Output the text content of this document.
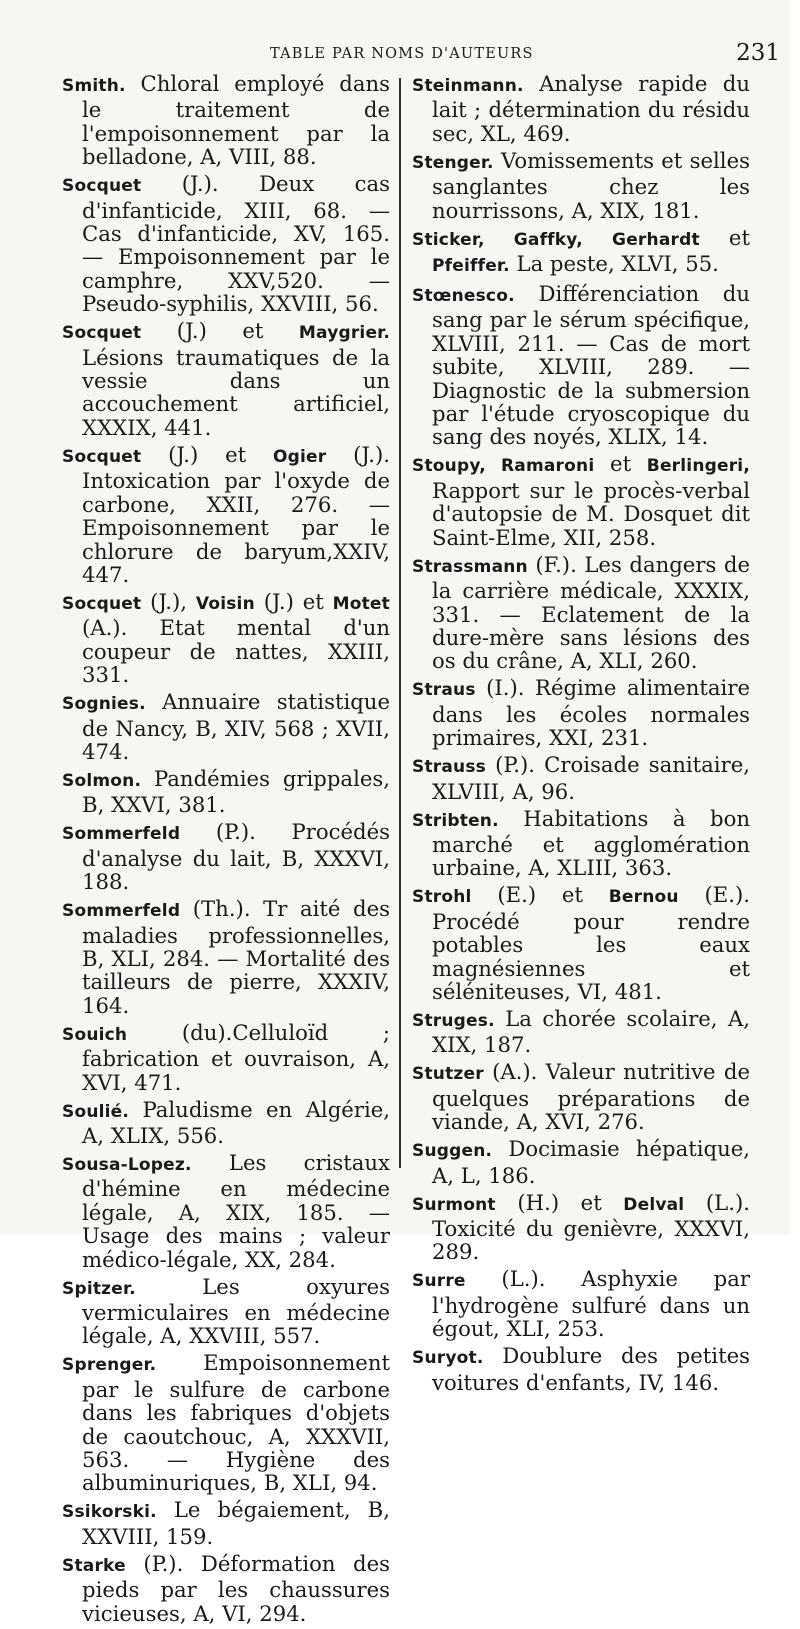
TABLE PAR NOMS D'AUTEURS	231

Smith. Chloral employé dans le traitement de l'empoisonnement par la belladone, A, VIII, 88.

Socquet (J.). Deux cas d'infanticide, XIII, 68. — Cas d'infanticide, XV, 165. — Empoisonnement par le camphre, XXV,520. — Pseudo-syphilis, XXVIII, 56.

Socquet (J.) et Maygrier. Lésions traumatiques de la vessie dans un accouchement artificiel, XXXIX, 441.

Socquet (J.) et Ogier (J.). Intoxication par l'oxyde de carbone, XXII, 276. — Empoisonnement par le chlorure de baryum,XXIV, 447.

Socquet (J.), Voisin (J.) et Motet (A.). Etat mental d'un coupeur de nattes, XXIII, 331.

Sognies. Annuaire statistique de Nancy, B, XIV, 568 ; XVII, 474.

Solmon. Pandémies grippales, B, XXVI, 381.

Sommerfeld (P.). Procédés d'analyse du lait, B, XXXVI, 188.

Sommerfeld (Th.). Tr aité des maladies professionnelles, B, XLI, 284. — Mortalité des tailleurs de pierre, XXXIV, 164.

Souich (du).Celluloïd ; fabrication et ouvraison, A, XVI, 471.

Soulié. Paludisme en Algérie, A, XLIX, 556.

Sousa-Lopez. Les cristaux d'hémine en médecine légale, A, XIX, 185. — Usage des mains ; valeur médico-légale, XX, 284.

Spitzer. Les oxyures vermiculaires en médecine légale, A, XXVIII, 557.

Sprenger. Empoisonnement par le sulfure de carbone dans les fabriques d'objets de caoutchouc, A, XXXVII, 563. — Hygiène des albuminuriques, B, XLI, 94.

Ssikorski. Le bégaiement, B, XXVIII, 159.

Starke (P.). Déformation des pieds par les chaussures vicieuses, A, VI, 294.

Steinmann. Analyse rapide du lait ; détermination du résidu sec, XL, 469.

Stenger. Vomissements et selles sanglantes chez les nourrissons, A, XIX, 181.

Sticker, Gaffky, Gerhardt et Pfeiffer. La peste, XLVI, 55.

Stœnesco. Différenciation du sang par le sérum spécifique, XLVIII, 211. — Cas de mort subite, XLVIII, 289. — Diagnostic de la submersion par l'étude cryoscopique du sang des noyés, XLIX, 14.

Stoupy, Ramaroni et Berlingeri, Rapport sur le procès-verbal d'autopsie de M. Dosquet dit Saint-Elme, XII, 258.

Strassmann (F.). Les dangers de la carrière médicale, XXXIX, 331. — Eclatement de la dure-mère sans lésions des os du crâne, A, XLI, 260.

Straus (I.). Régime alimentaire dans les écoles normales primaires, XXI, 231.

Strauss (P.). Croisade sanitaire, XLVIII, A, 96.

Stribten. Habitations à bon marché et agglomération urbaine, A, XLIII, 363.

Strohl (E.) et Bernou (E.). Procédé pour rendre potables les eaux magnésiennes et séléniteuses, VI, 481.

Struges. La chorée scolaire, A, XIX, 187.

Stutzer (A.). Valeur nutritive de quelques préparations de viande, A, XVI, 276.

Suggen. Docimasie hépatique, A, L, 186.

Surmont (H.) et Delval (L.). Toxicité du genièvre, XXXVI, 289.

Surre (L.). Asphyxie par l'hydrogène sulfuré dans un égout, XLI, 253.

Suryot. Doublure des petites voitures d'enfants, IV, 146.
